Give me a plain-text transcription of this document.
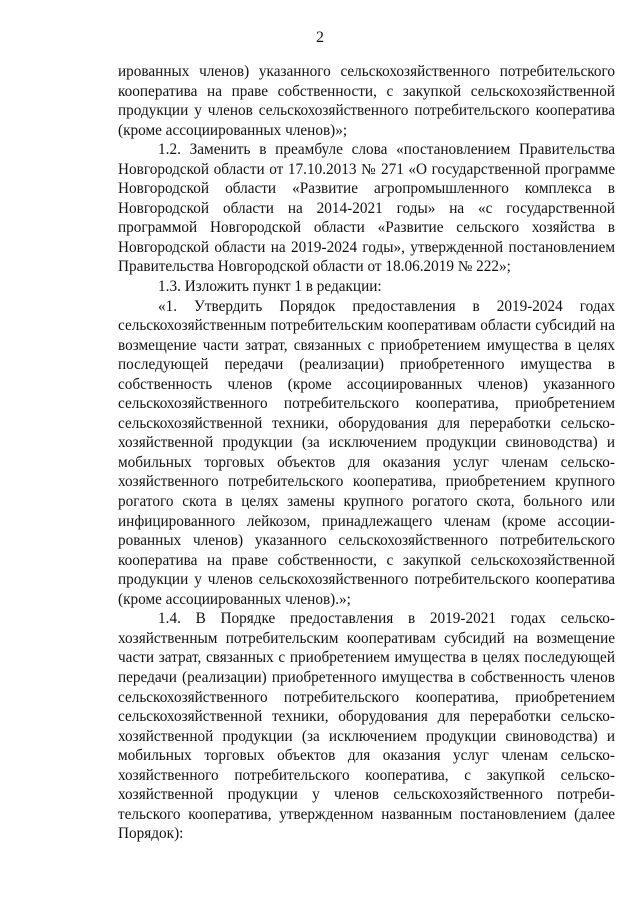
2
ированных членов) указанного сельскохозяйственного потребительского
кооператива на праве собственности, с закупкой сельскохозяйственной
продукции у членов сельскохозяйственного потребительского кооператива
(кроме ассоциированных членов)»;
1.2. Заменить в преамбуле слова «постановлением Правительства
Новгородской области от 17.10.2013 № 271 «О государственной программе
Новгородской области «Развитие агропромышленного комплекса в
Новгородской области на 2014-2021 годы» на «с государственной
программой Новгородской области «Развитие сельского хозяйства в
Новгородской области на 2019-2024 годы», утвержденной постановлением
Правительства Новгородской области от 18.06.2019 № 222»;
1.3. Изложить пункт 1 в редакции:
«1. Утвердить Порядок предоставления в 2019-2024 годах
сельскохозяйственным потребительским кооперативам области субсидий на
возмещение части затрат, связанных с приобретением имущества в целях
последующей передачи (реализации) приобретенного имущества в
собственность членов (кроме ассоциированных членов) указанного
сельскохозяйственного потребительского кооператива, приобретением
сельскохозяйственной техники, оборудования для переработки сельско-
хозяйственной продукции (за исключением продукции свиноводства) и
мобильных торговых объектов для оказания услуг членам сельско-
хозяйственного потребительского кооператива, приобретением крупного
рогатого скота в целях замены крупного рогатого скота, больного или
инфицированного лейкозом, принадлежащего членам (кроме ассоции-
рованных членов) указанного сельскохозяйственного потребительского
кооператива на праве собственности, с закупкой сельскохозяйственной
продукции у членов сельскохозяйственного потребительского кооператива
(кроме ассоциированных членов).»;
1.4. В Порядке предоставления в 2019-2021 годах сельско-
хозяйственным потребительским кооперативам субсидий на возмещение
части затрат, связанных с приобретением имущества в целях последующей
передачи (реализации) приобретенного имущества в собственность членов
сельскохозяйственного потребительского кооператива, приобретением
сельскохозяйственной техники, оборудования для переработки сельско-
хозяйственной продукции (за исключением продукции свиноводства) и
мобильных торговых объектов для оказания услуг членам сельско-
хозяйственного потребительского кооператива, с закупкой сельско-
хозяйственной продукции у членов сельскохозяйственного потреби-
тельского кооператива, утвержденном названным постановлением (далее
Порядок):
